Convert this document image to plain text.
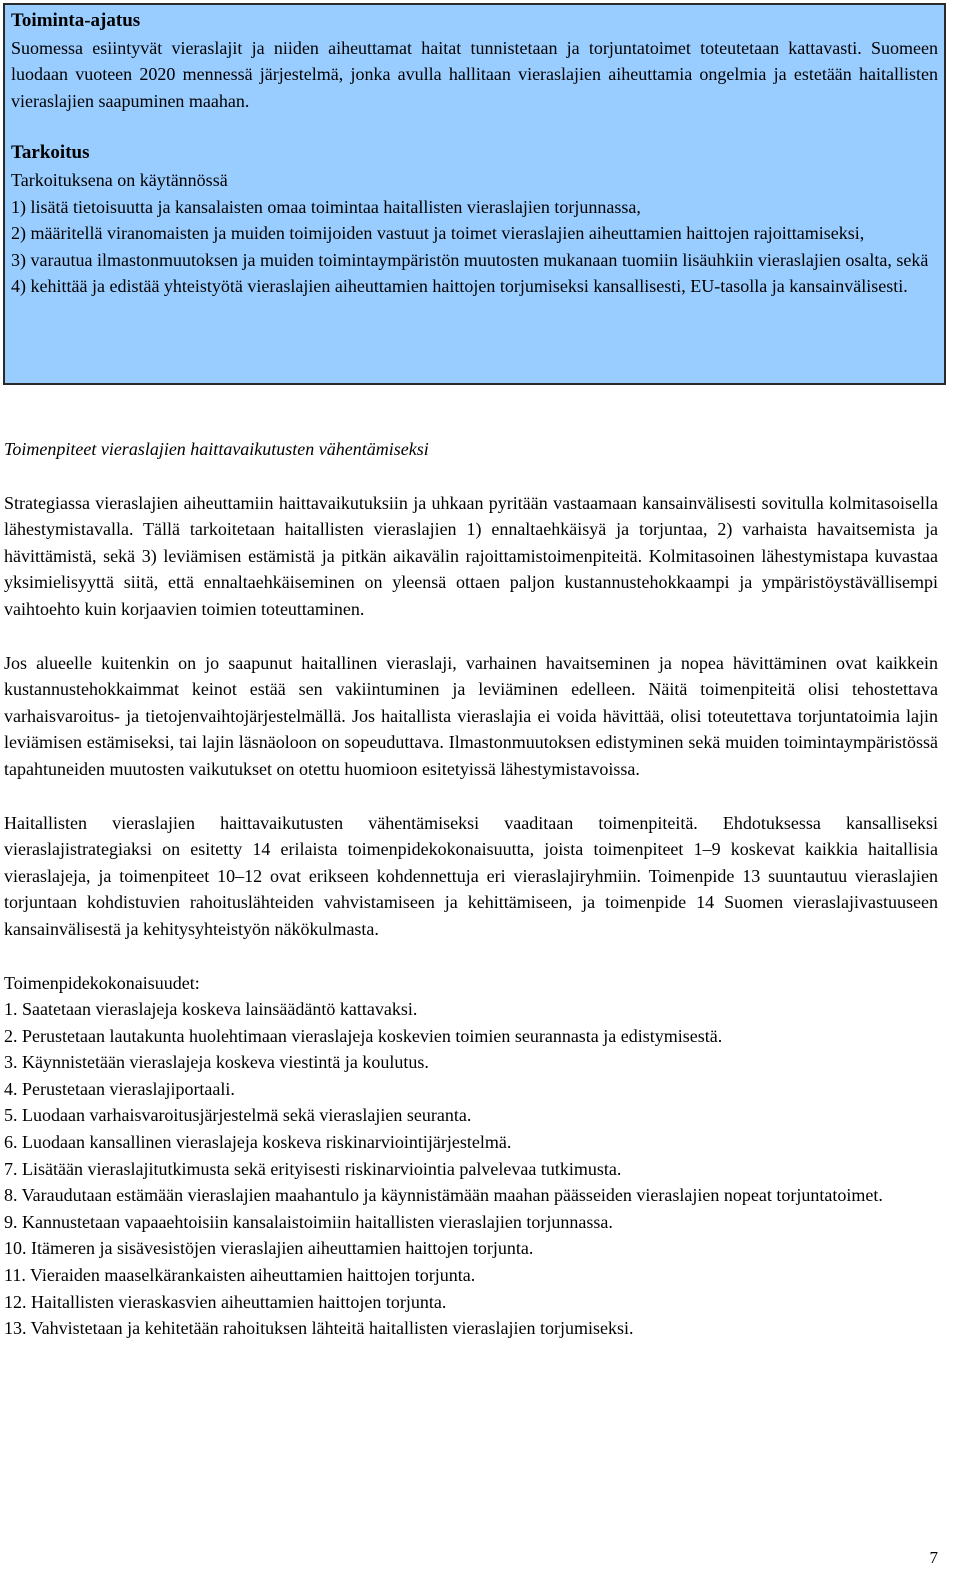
Toiminta-ajatus

Suomessa esiintyvät vieraslajit ja niiden aiheuttamat haitat tunnistetaan ja torjuntatoimet toteutetaan kattavasti. Suomeen luodaan vuoteen 2020 mennessä järjestelmä, jonka avulla hallitaan vieraslajien aiheuttamia ongelmia ja estetään haitallisten vieraslajien saapuminen maahan.

Tarkoitus

Tarkoituksena on käytännössä

1) lisätä tietoisuutta ja kansalaisten omaa toimintaa haitallisten vieraslajien torjunnassa,

2) määritellä viranomaisten ja muiden toimijoiden vastuut ja toimet vieraslajien aiheuttamien haittojen rajoittamiseksi,

3) varautua ilmastonmuutoksen ja muiden toimintaympäristön muutosten mukanaan tuomiin lisäuhkiin vieraslajien osalta, sekä

4) kehittää ja edistää yhteistyötä vieraslajien aiheuttamien haittojen torjumiseksi kansallisesti, EU-tasolla ja kansainvälisesti.

Toimenpiteet vieraslajien haittavaikutusten vähentämiseksi

Strategiassa vieraslajien aiheuttamiin haittavaikutuksiin ja uhkaan pyritään vastaamaan kansainvälisesti sovitulla kolmitasoisella lähestymistavalla. Tällä tarkoitetaan haitallisten vieraslajien 1) ennaltaehkäisyä ja torjuntaa, 2) varhaista havaitsemista ja hävittämistä, sekä 3) leviämisen estämistä ja pitkän aikavälin rajoittamistoimenpiteitä. Kolmitasoinen lähestymistapa kuvastaa yksimielisyyttä siitä, että ennaltaehkäiseminen on yleensä ottaen paljon kustannustehokkaampi ja ympäristöystävällisempi vaihtoehto kuin korjaavien toimien toteuttaminen.

Jos alueelle kuitenkin on jo saapunut haitallinen vieraslaji, varhainen havaitseminen ja nopea hävittäminen ovat kaikkein kustannustehokkaimmat keinot estää sen vakiintuminen ja leviäminen edelleen. Näitä toimenpiteitä olisi tehostettava varhaisvaroitus- ja tietojenvaihtojärjestelmällä. Jos haitallista vieraslajia ei voida hävittää, olisi toteutettava torjuntatoimia lajin leviämisen estämiseksi, tai lajin läsnäoloon on sopeuduttava. Ilmastonmuutoksen edistyminen sekä muiden toimintaympäristössä tapahtuneiden muutosten vaikutukset on otettu huomioon esitetyissä lähestymistavoissa.

Haitallisten vieraslajien haittavaikutusten vähentämiseksi vaaditaan toimenpiteitä. Ehdotuksessa kansalliseksi vieraslajistrategiaksi on esitetty 14 erilaista toimenpidekokonaisuutta, joista toimenpiteet 1–9 koskevat kaikkia haitallisia vieraslajeja, ja toimenpiteet 10–12 ovat erikseen kohdennettuja eri vieraslajiryhmiin. Toimenpide 13 suuntautuu vieraslajien torjuntaan kohdistuvien rahoituslähteiden vahvistamiseen ja kehittämiseen, ja toimenpide 14 Suomen vieraslajivastuuseen kansainvälisestä ja kehitysyhteistyön näkökulmasta.

Toimenpidekokonaisuudet:

1. Saatetaan vieraslajeja koskeva lainsäädäntö kattavaksi.
2. Perustetaan lautakunta huolehtimaan vieraslajeja koskevien toimien seurannasta ja edistymisestä.
3. Käynnistetään vieraslajeja koskeva viestintä ja koulutus.
4. Perustetaan vieraslajiportaali.
5. Luodaan varhaisvaroitusjärjestelmä sekä vieraslajien seuranta.
6. Luodaan kansallinen vieraslajeja koskeva riskinarviointijärjestelmä.
7. Lisätään vieraslajitutkimusta sekä erityisesti riskinarviointia palvelevaa tutkimusta.
8. Varaudutaan estämään vieraslajien maahantulo ja käynnistämään maahan päässeiden vieraslajien nopeat torjuntatoimet.
9. Kannustetaan vapaaehtoisiin kansalaistoimiin haitallisten vieraslajien torjunnassa.
10. Itämeren ja sisävesistöjen vieraslajien aiheuttamien haittojen torjunta.
11. Vieraiden maaselkärankaisten aiheuttamien haittojen torjunta.
12. Haitallisten vieraskasvien aiheuttamien haittojen torjunta.
13. Vahvistetaan ja kehitetään rahoituksen lähteitä haitallisten vieraslajien torjumiseksi.
7
